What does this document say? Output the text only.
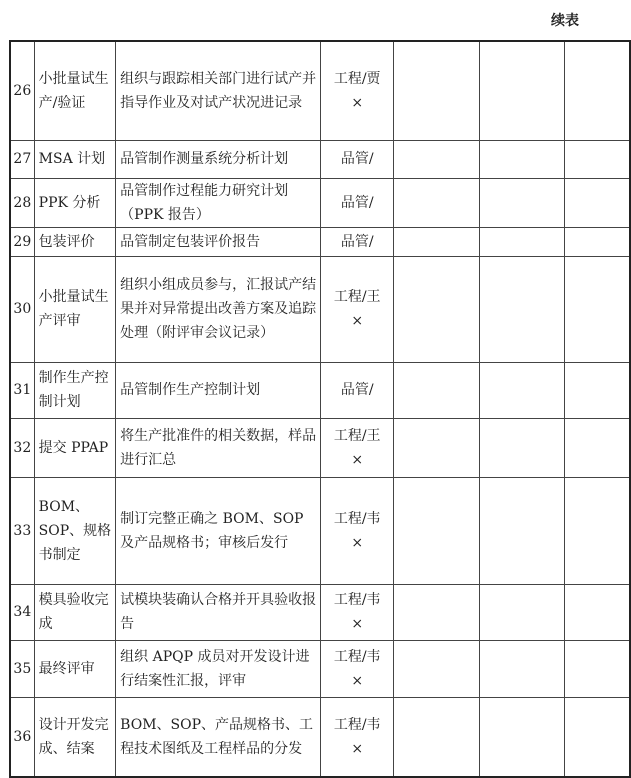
续表
26	小批量试生产/验证	组织与跟踪相关部门进行试产并指导作业及对试产状况进记录	工程/贾×			
27	MSA 计划	品管制作测量系统分析计划	品管/			
28	PPK 分析	品管制作过程能力研究计划（PPK 报告）	品管/			
29	包装评价	品管制定包装评价报告	品管/			
30	小批量试生产评审	组织小组成员参与，汇报试产结果并对异常提出改善方案及追踪处理（附评审会议记录）	工程/王×			
31	制作生产控制计划	品管制作生产控制计划	品管/			
32	提交 PPAP	将生产批准件的相关数据，样品进行汇总	工程/王×			
33	BOM、SOP、规格书制定	制订完整正确之 BOM、SOP 及产品规格书；审核后发行	工程/韦×			
34	模具验收完成	试模块装确认合格并开具验收报告	工程/韦×			
35	最终评审	组织 APQP 成员对开发设计进行结案性汇报，评审	工程/韦×			
36	设计开发完成、结案	BOM、SOP、产品规格书、工程技术图纸及工程样品的分发	工程/韦×			
